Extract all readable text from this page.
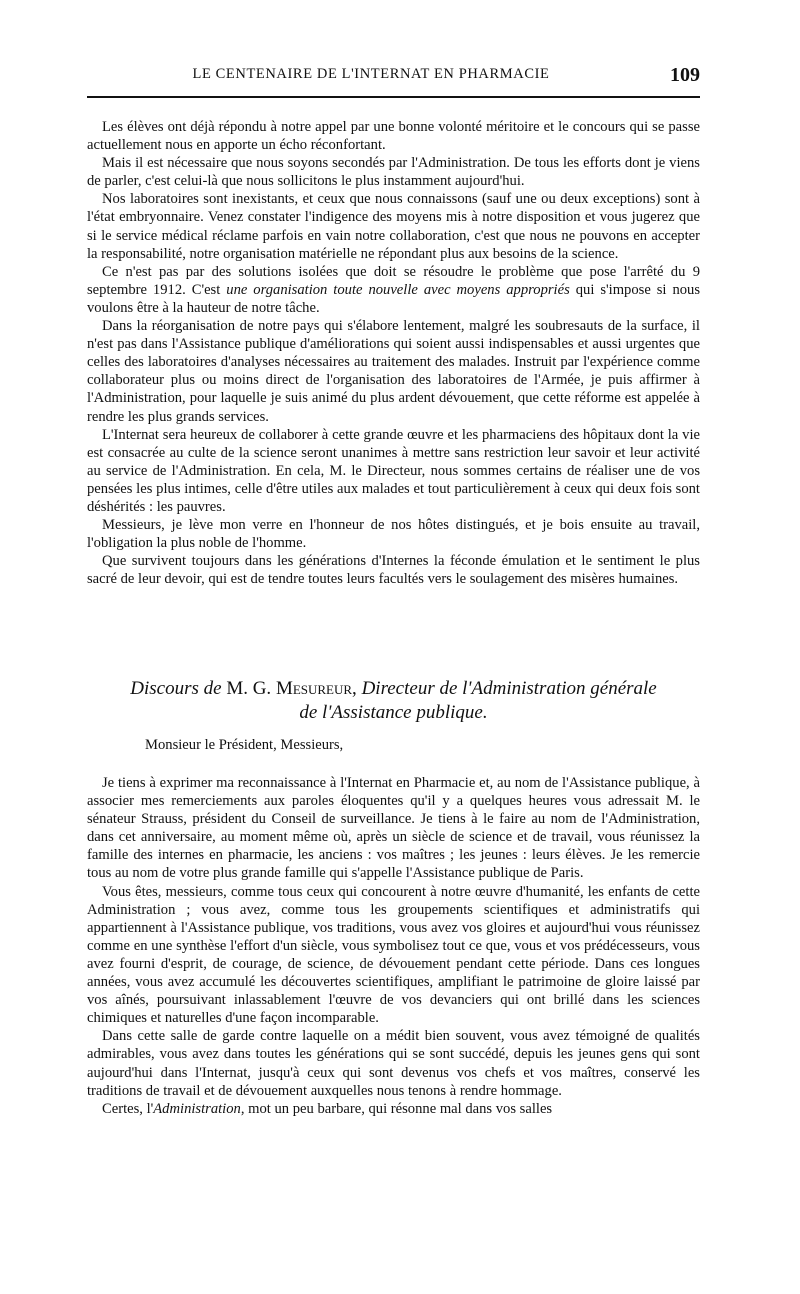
LE CENTENAIRE DE L'INTERNAT EN PHARMACIE	109

Les élèves ont déjà répondu à notre appel par une bonne volonté méritoire et le concours qui se passe actuellement nous en apporte un écho réconfortant.

Mais il est nécessaire que nous soyons secondés par l'Administration. De tous les efforts dont je viens de parler, c'est celui-là que nous sollicitons le plus instamment aujourd'hui.

Nos laboratoires sont inexistants, et ceux que nous connaissons (sauf une ou deux exceptions) sont à l'état embryonnaire. Venez constater l'indigence des moyens mis à notre disposition et vous jugerez que si le service médical réclame parfois en vain notre collaboration, c'est que nous ne pouvons en accepter la responsabilité, notre organisation matérielle ne répondant plus aux besoins de la science.

Ce n'est pas par des solutions isolées que doit se résoudre le problème que pose l'arrêté du 9 septembre 1912. C'est une organisation toute nouvelle avec moyens appropriés qui s'impose si nous voulons être à la hauteur de notre tâche.

Dans la réorganisation de notre pays qui s'élabore lentement, malgré les soubresauts de la surface, il n'est pas dans l'Assistance publique d'améliorations qui soient aussi indispensables et aussi urgentes que celles des laboratoires d'analyses nécessaires au traitement des malades. Instruit par l'expérience comme collaborateur plus ou moins direct de l'organisation des laboratoires de l'Armée, je puis affirmer à l'Administration, pour laquelle je suis animé du plus ardent dévouement, que cette réforme est appelée à rendre les plus grands services.

L'Internat sera heureux de collaborer à cette grande œuvre et les pharmaciens des hôpitaux dont la vie est consacrée au culte de la science seront unanimes à mettre sans restriction leur savoir et leur activité au service de l'Administration. En cela, M. le Directeur, nous sommes certains de réaliser une de vos pensées les plus intimes, celle d'être utiles aux malades et tout particulièrement à ceux qui deux fois sont déshérités : les pauvres.

Messieurs, je lève mon verre en l'honneur de nos hôtes distingués, et je bois ensuite au travail, l'obligation la plus noble de l'homme.

Que survivent toujours dans les générations d'Internes la féconde émulation et le sentiment le plus sacré de leur devoir, qui est de tendre toutes leurs facultés vers le soulagement des misères humaines.

Discours de M. G. Mesureur, Directeur de l'Administration générale
de l'Assistance publique.
Monsieur le Président, Messieurs,

Je tiens à exprimer ma reconnaissance à l'Internat en Pharmacie et, au nom de l'Assistance publique, à associer mes remerciements aux paroles éloquentes qu'il y a quelques heures vous adressait M. le sénateur Strauss, président du Conseil de surveillance. Je tiens à le faire au nom de l'Administration, dans cet anniversaire, au moment même où, après un siècle de science et de travail, vous réunissez la famille des internes en pharmacie, les anciens : vos maîtres ; les jeunes : leurs élèves. Je les remercie tous au nom de votre plus grande famille qui s'appelle l'Assistance publique de Paris.

Vous êtes, messieurs, comme tous ceux qui concourent à notre œuvre d'humanité, les enfants de cette Administration ; vous avez, comme tous les groupements scientifiques et administratifs qui appartiennent à l'Assistance publique, vos traditions, vous avez vos gloires et aujourd'hui vous réunissez comme en une synthèse l'effort d'un siècle, vous symbolisez tout ce que, vous et vos prédécesseurs, vous avez fourni d'esprit, de courage, de science, de dévouement pendant cette période. Dans ces longues années, vous avez accumulé les découvertes scientifiques, amplifiant le patrimoine de gloire laissé par vos aînés, poursuivant inlassablement l'œuvre de vos devanciers qui ont brillé dans les sciences chimiques et naturelles d'une façon incomparable.

Dans cette salle de garde contre laquelle on a médit bien souvent, vous avez témoigné de qualités admirables, vous avez dans toutes les générations qui se sont succédé, depuis les jeunes gens qui sont aujourd'hui dans l'Internat, jusqu'à ceux qui sont devenus vos chefs et vos maîtres, conservé les traditions de travail et de dévouement auxquelles nous tenons à rendre hommage.

Certes, l'Administration, mot un peu barbare, qui résonne mal dans vos salles
